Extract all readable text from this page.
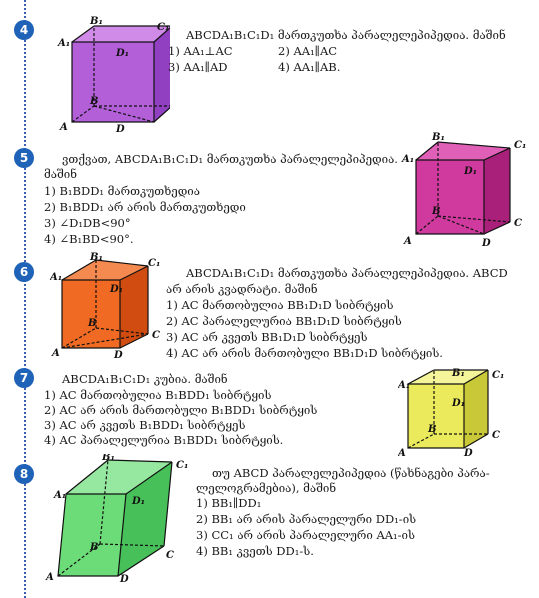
4
B₁
C₁
A₁
D₁
B
A	D
ABCDA₁B₁C₁D₁ მართკუთხა პარალელეპიპედია. მაშინ
1) AA₁⊥AC	2) AA₁∥AC
3) AA₁∥AD	4) AA₁∥AB.
5	ვთქვათ, ABCDA₁B₁C₁D₁ მართკუთხა პარალელეპიპედია.
მაშინ
1) B₁BDD₁ მართკუთხედია
2) B₁BDD₁ არ არის მართკუთხედი
3) ∠D₁DB<90°
4) ∠B₁BD<90°.
B₁
C₁
A₁
D₁
B
A
C
D
6
B₁
C₁
A₁
D₁
B
A
C
D
ABCDA₁B₁C₁D₁ მართკუთხა პარალელეპიპედია. ABCD
არ არის კვადრატი. მაშინ
1) AC მართობულია BB₁D₁D სიბრტყის
2) AC პარალელურია BB₁D₁D სიბრტყის
3) AC არ კვეთს BB₁D₁D სიბრტყეს
4) AC არ არის მართობული BB₁D₁D სიბრტყის.
7	ABCDA₁B₁C₁D₁ კუბია. მაშინ
1) AC მართობულია B₁BDD₁ სიბრტყის
2) AC არ არის მართობული B₁BDD₁ სიბრტყის
3) AC არ კვეთს B₁BDD₁ სიბრტყეს
4) AC პარალელურია B₁BDD₁ სიბრტყის.
B₁	C₁
A₁
D₁
B
A
C
D
8
B₁
C₁
A₁
D₁
B
A
C
D
თუ ABCD პარალელეპიპედია (წახნაგები პარა-
ლელოგრამებია), მაშინ
1) BB₁∥DD₁
2) BB₁ არ არის პარალელური DD₁-ის
3) CC₁ არ არის პარალელური AA₁-ის
4) BB₁ კვეთს DD₁-ს.
